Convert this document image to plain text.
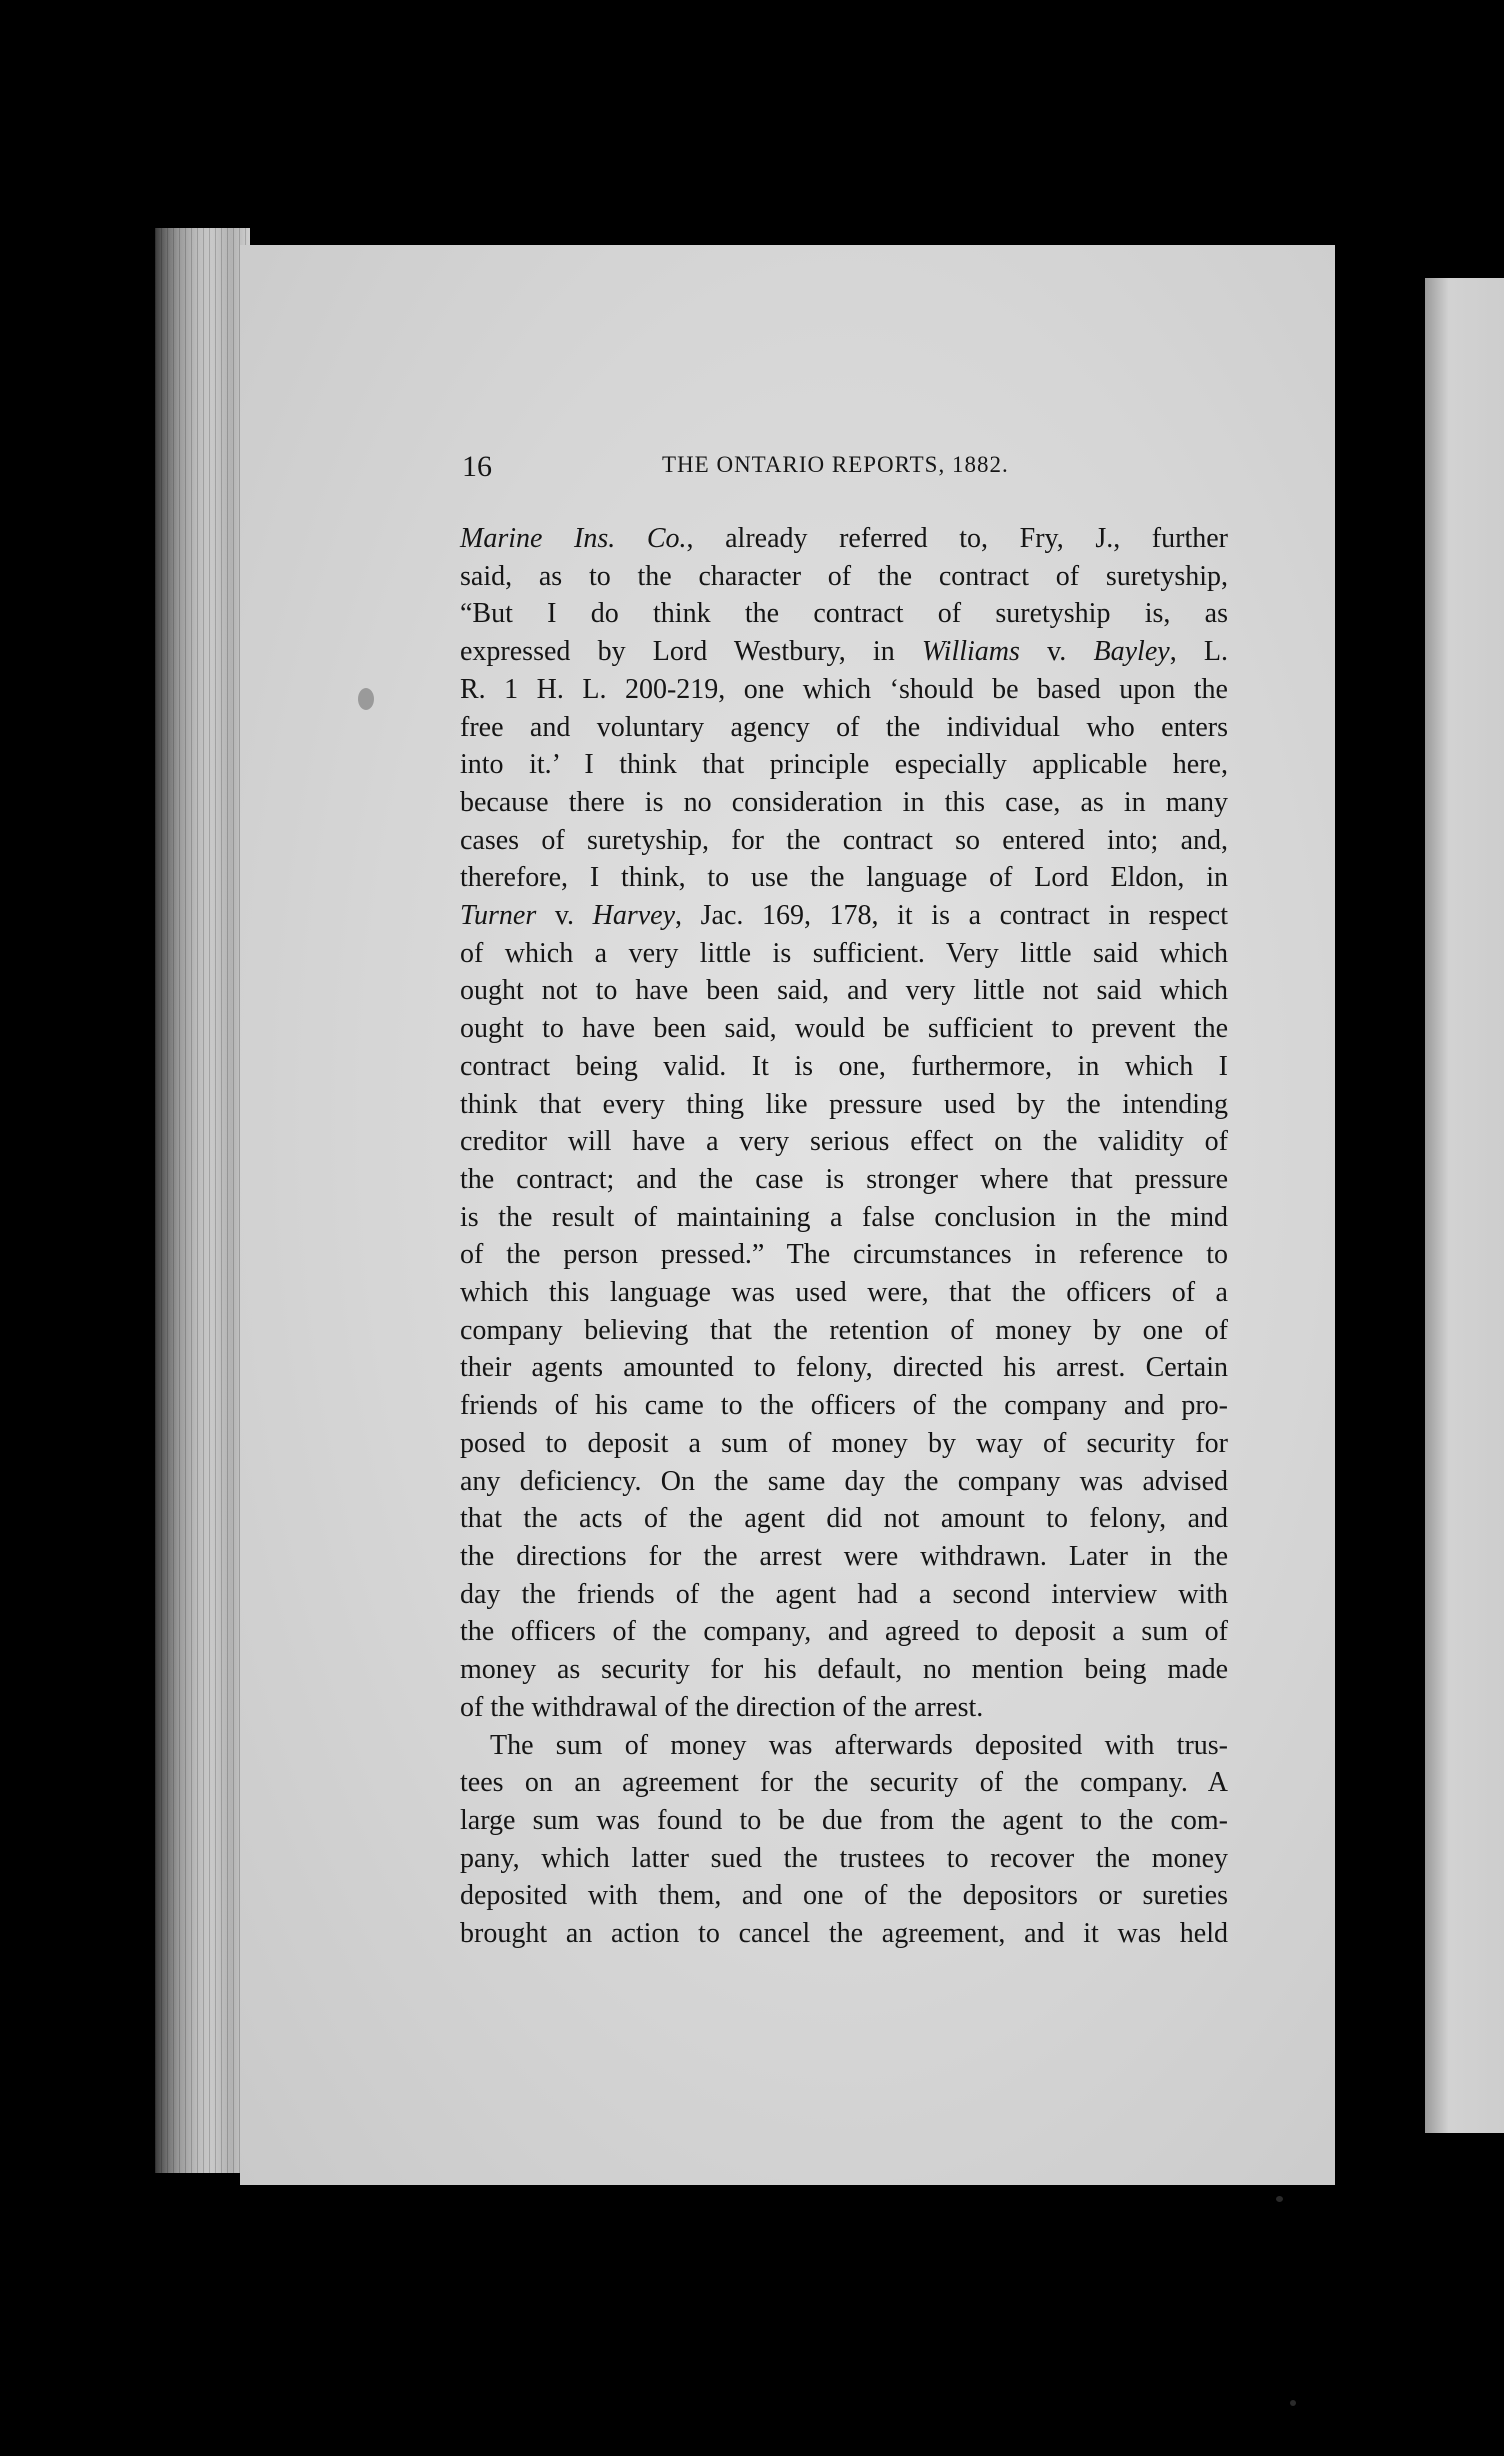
16	THE ONTARIO REPORTS, 1882.

Marine Ins. Co., already referred to, Fry, J., further
said, as to the character of the contract of suretyship,
“But I do think the contract of suretyship is, as
expressed by Lord Westbury, in Williams v. Bayley, L.
R. 1 H. L. 200-219, one which ‘should be based upon the
free and voluntary agency of the individual who enters
into it.’ I think that principle especially applicable here,
because there is no consideration in this case, as in many
cases of suretyship, for the contract so entered into; and,
therefore, I think, to use the language of Lord Eldon, in
Turner v. Harvey, Jac. 169, 178, it is a contract in respect
of which a very little is sufficient. Very little said which
ought not to have been said, and very little not said which
ought to have been said, would be sufficient to prevent the
contract being valid. It is one, furthermore, in which I
think that every thing like pressure used by the intending
creditor will have a very serious effect on the validity of
the contract; and the case is stronger where that pressure
is the result of maintaining a false conclusion in the mind
of the person pressed.” The circumstances in reference to
which this language was used were, that the officers of a
company believing that the retention of money by one of
their agents amounted to felony, directed his arrest. Certain
friends of his came to the officers of the company and pro-
posed to deposit a sum of money by way of security for
any deficiency. On the same day the company was advised
that the acts of the agent did not amount to felony, and
the directions for the arrest were withdrawn. Later in the
day the friends of the agent had a second interview with
the officers of the company, and agreed to deposit a sum of
money as security for his default, no mention being made
of the withdrawal of the direction of the arrest.

The sum of money was afterwards deposited with trus-
tees on an agreement for the security of the company. A
large sum was found to be due from the agent to the com-
pany, which latter sued the trustees to recover the money
deposited with them, and one of the depositors or sureties
brought an action to cancel the agreement, and it was held
